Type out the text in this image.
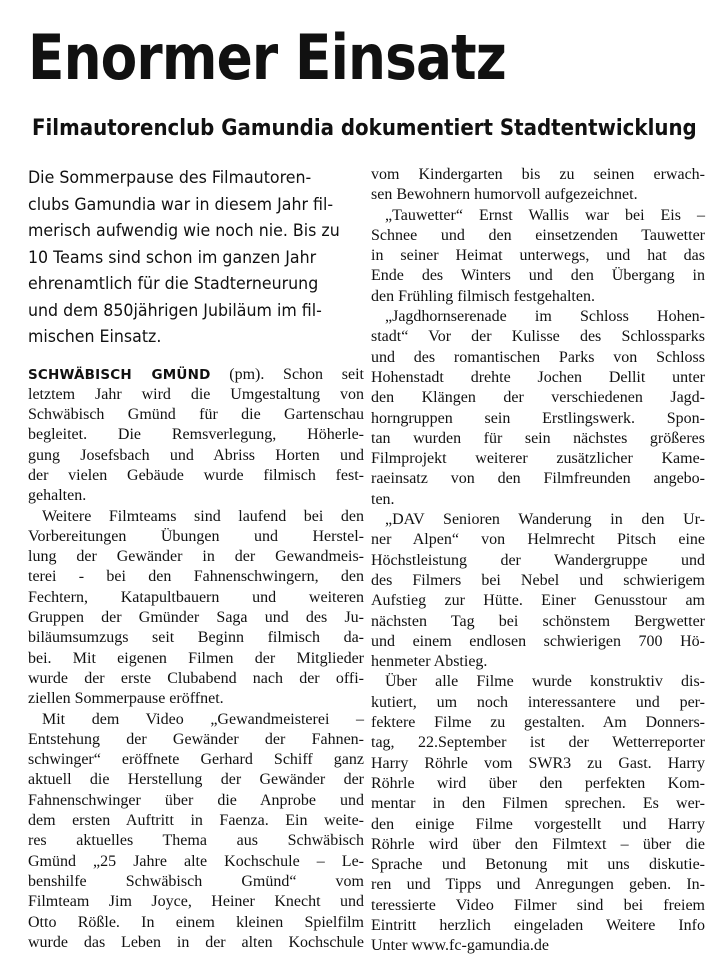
Enormer Einsatz
Filmautorenclub Gamundia dokumentiert Stadtentwicklung
Die Sommerpause des Filmautoren-
clubs Gamundia war in diesem Jahr fil-
merisch aufwendig wie noch nie. Bis zu
10 Teams sind schon im ganzen Jahr
ehrenamtlich für die Stadterneurung
und dem 850jährigen Jubiläum im fil-
mischen Einsatz.
SCHWÄBISCH GMÜND (pm). Schon seit
letztem Jahr wird die Umgestaltung von
Schwäbisch Gmünd für die Gartenschau
begleitet. Die Remsverlegung, Höherle-
gung Josefsbach und Abriss Horten und
der vielen Gebäude wurde filmisch fest-
gehalten.
Weitere Filmteams sind laufend bei den
Vorbereitungen Übungen und Herstel-
lung der Gewänder in der Gewandmeis-
terei - bei den Fahnenschwingern, den
Fechtern, Katapultbauern und weiteren
Gruppen der Gmünder Saga und des Ju-
biläumsumzugs seit Beginn filmisch da-
bei. Mit eigenen Filmen der Mitglieder
wurde der erste Clubabend nach der offi-
ziellen Sommerpause eröffnet.
Mit dem Video „Gewandmeisterei –
Entstehung der Gewänder der Fahnen-
schwinger“ eröffnete Gerhard Schiff ganz
aktuell die Herstellung der Gewänder der
Fahnenschwinger über die Anprobe und
dem ersten Auftritt in Faenza. Ein weite-
res aktuelles Thema aus Schwäbisch
Gmünd „25 Jahre alte Kochschule – Le-
benshilfe Schwäbisch Gmünd“ vom
Filmteam Jim Joyce, Heiner Knecht und
Otto Rößle. In einem kleinen Spielfilm
wurde das Leben in der alten Kochschule
vom Kindergarten bis zu seinen erwach-
sen Bewohnern humorvoll aufgezeichnet.
„Tauwetter“ Ernst Wallis war bei Eis –
Schnee und den einsetzenden Tauwetter
in seiner Heimat unterwegs, und hat das
Ende des Winters und den Übergang in
den Frühling filmisch festgehalten.
„Jagdhornserenade im Schloss Hohen-
stadt“ Vor der Kulisse des Schlossparks
und des romantischen Parks von Schloss
Hohenstadt drehte Jochen Dellit unter
den Klängen der verschiedenen Jagd-
horngruppen sein Erstlingswerk. Spon-
tan wurden für sein nächstes größeres
Filmprojekt weiterer zusätzlicher Kame-
raeinsatz von den Filmfreunden angebo-
ten.
„DAV Senioren Wanderung in den Ur-
ner Alpen“ von Helmrecht Pitsch eine
Höchstleistung der Wandergruppe und
des Filmers bei Nebel und schwierigem
Aufstieg zur Hütte. Einer Genusstour am
nächsten Tag bei schönstem Bergwetter
und einem endlosen schwierigen 700 Hö-
henmeter Abstieg.
Über alle Filme wurde konstruktiv dis-
kutiert, um noch interessantere und per-
fektere Filme zu gestalten. Am Donners-
tag, 22.September ist der Wetterreporter
Harry Röhrle vom SWR3 zu Gast. Harry
Röhrle wird über den perfekten Kom-
mentar in den Filmen sprechen. Es wer-
den einige Filme vorgestellt und Harry
Röhrle wird über den Filmtext – über die
Sprache und Betonung mit uns diskutie-
ren und Tipps und Anregungen geben. In-
teressierte Video Filmer sind bei freiem
Eintritt herzlich eingeladen Weitere Info
Unter www.fc-gamundia.de
